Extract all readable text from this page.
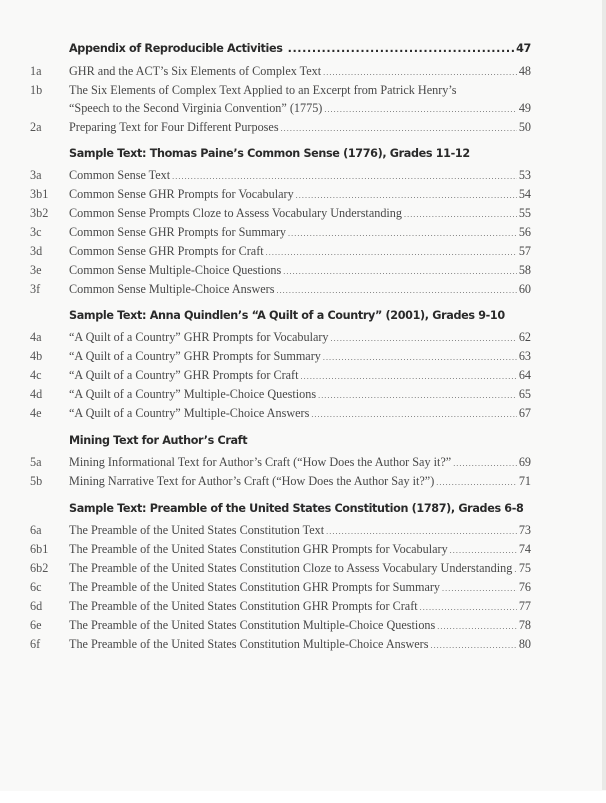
Appendix of Reproducible Activities .....	47
1a	GHR and the ACT’s Six Elements of Complex Text .....	48
1b	The Six Elements of Complex Text Applied to an Excerpt from Patrick Henry’s
“Speech to the Second Virginia Convention” (1775) .....	49
2a	Preparing Text for Four Different Purposes .....	50
Sample Text: Thomas Paine’s Common Sense (1776), Grades 11-12
3a	Common Sense Text .....	53
3b1	Common Sense GHR Prompts for Vocabulary .....	54
3b2	Common Sense Prompts Cloze to Assess Vocabulary Understanding .....	55
3c	Common Sense GHR Prompts for Summary .....	56
3d	Common Sense GHR Prompts for Craft .....	57
3e	Common Sense Multiple-Choice Questions .....	58
3f	Common Sense Multiple-Choice Answers .....	60
Sample Text: Anna Quindlen’s “A Quilt of a Country” (2001), Grades 9-10
4a	“A Quilt of a Country” GHR Prompts for Vocabulary .....	62
4b	“A Quilt of a Country” GHR Prompts for Summary .....	63
4c	“A Quilt of a Country” GHR Prompts for Craft .....	64
4d	“A Quilt of a Country” Multiple-Choice Questions .....	65
4e	“A Quilt of a Country” Multiple-Choice Answers .....	67
Mining Text for Author’s Craft
5a	Mining Informational Text for Author’s Craft (“How Does the Author Say it?” .....	69
5b	Mining Narrative Text for Author’s Craft (“How Does the Author Say it?”) .....	71
Sample Text: Preamble of the United States Constitution (1787), Grades 6-8
6a	The Preamble of the United States Constitution Text .....	73
6b1	The Preamble of the United States Constitution GHR Prompts for Vocabulary .....	74
6b2	The Preamble of the United States Constitution Cloze to Assess Vocabulary Understanding ..... 75
6c	The Preamble of the United States Constitution GHR Prompts for Summary .....	76
6d	The Preamble of the United States Constitution GHR Prompts for Craft .....	77
6e	The Preamble of the United States Constitution Multiple-Choice Questions .....	78
6f	The Preamble of the United States Constitution Multiple-Choice Answers .....	80
